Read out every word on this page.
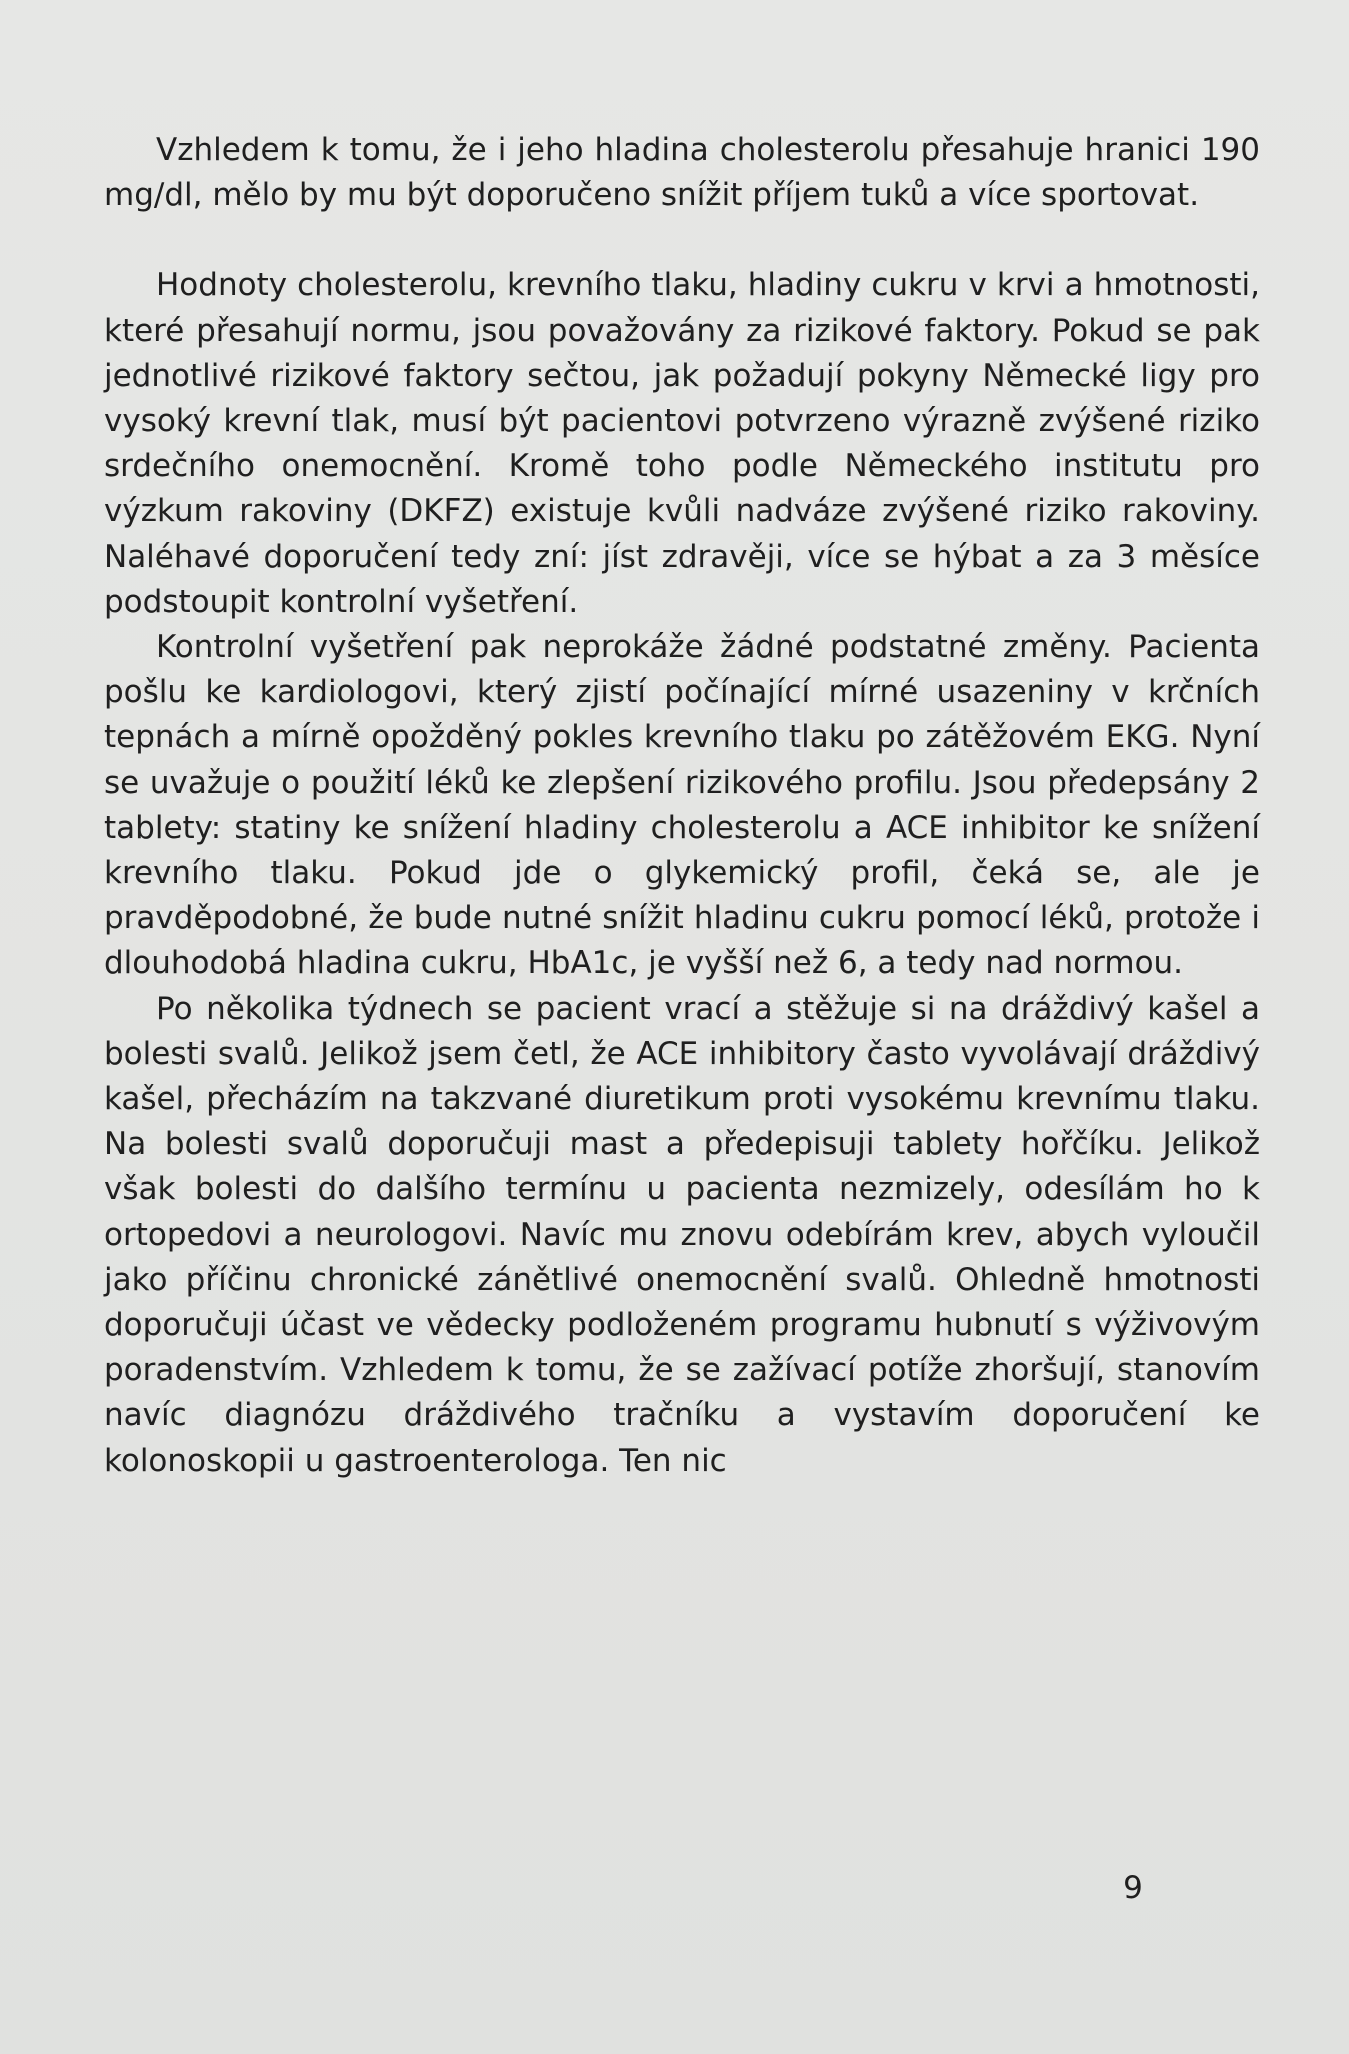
Vzhledem k tomu, že i jeho hladina cholesterolu přesahuje hranici 190 mg/dl, mělo by mu být doporučeno snížit příjem tuků a více sportovat.

Hodnoty cholesterolu, krevního tlaku, hladiny cukru v krvi a hmotnosti, které přesahují normu, jsou považovány za rizikové faktory. Pokud se pak jednotlivé rizikové faktory sečtou, jak požadují pokyny Německé ligy pro vysoký krevní tlak, musí být pacientovi potvrzeno výrazně zvýšené riziko srdečního onemocnění. Kromě toho podle Německého institutu pro výzkum rakoviny (DKFZ) existuje kvůli nadváze zvýšené riziko rakoviny. Naléhavé doporučení tedy zní: jíst zdravěji, více se hýbat a za 3 měsíce podstoupit kontrolní vyšetření.

Kontrolní vyšetření pak neprokáže žádné podstatné změny. Pacienta pošlu ke kardiologovi, který zjistí počínající mírné usazeniny v krčních tepnách a mírně opožděný pokles krevního tlaku po zátěžovém EKG. Nyní se uvažuje o použití léků ke zlepšení rizikového profilu. Jsou předepsány 2 tablety: statiny ke snížení hladiny cholesterolu a ACE inhibitor ke snížení krevního tlaku. Pokud jde o glykemický profil, čeká se, ale je pravděpodobné, že bude nutné snížit hladinu cukru pomocí léků, protože i dlouhodobá hladina cukru, HbA1c, je vyšší než 6, a tedy nad normou.

Po několika týdnech se pacient vrací a stěžuje si na dráždivý kašel a bolesti svalů. Jelikož jsem četl, že ACE inhibitory často vyvolávají dráždivý kašel, přecházím na takzvané diuretikum proti vysokému krevnímu tlaku. Na bolesti svalů doporučuji mast a předepisuji tablety hořčíku. Jelikož však bolesti do dalšího termínu u pacienta nezmizely, odesílám ho k ortopedovi a neurologovi. Navíc mu znovu odebírám krev, abych vyloučil jako příčinu chronické zánětlivé onemocnění svalů. Ohledně hmotnosti doporučuji účast ve vědecky podloženém programu hubnutí s výživovým poradenstvím. Vzhledem k tomu, že se zažívací potíže zhoršují, stanovím navíc diagnózu dráždivého tračníku a vystavím doporučení ke kolonoskopii u gastroenterologa. Ten nic

9
